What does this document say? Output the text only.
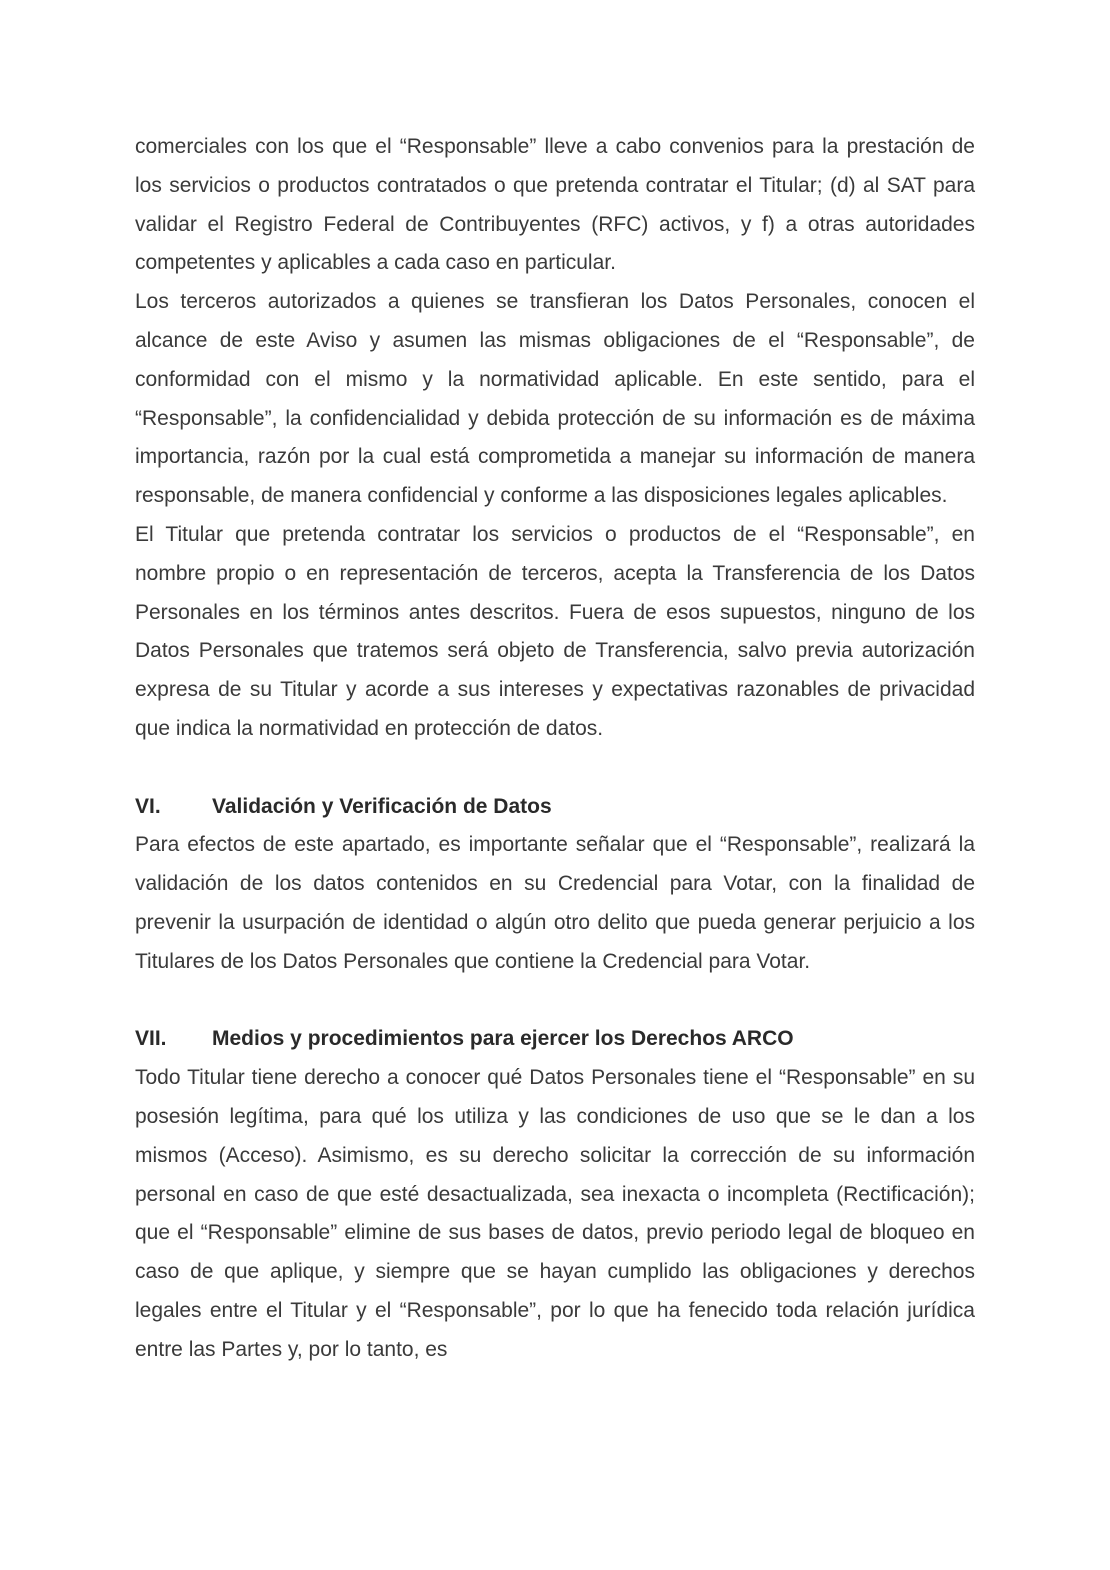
comerciales con los que el “Responsable” lleve a cabo convenios para la prestación de los servicios o productos contratados o que pretenda contratar el Titular; (d) al SAT para validar el Registro Federal de Contribuyentes (RFC) activos, y f) a otras autoridades competentes y aplicables a cada caso en particular.

Los terceros autorizados a quienes se transfieran los Datos Personales, conocen el alcance de este Aviso y asumen las mismas obligaciones de el “Responsable”, de conformidad con el mismo y la normatividad aplicable. En este sentido, para el “Responsable”, la confidencialidad y debida protección de su información es de máxima importancia, razón por la cual está comprometida a manejar su información de manera responsable, de manera confidencial y conforme a las disposiciones legales aplicables.

El Titular que pretenda contratar los servicios o productos de el “Responsable”, en nombre propio o en representación de terceros, acepta la Transferencia de los Datos Personales en los términos antes descritos. Fuera de esos supuestos, ninguno de los Datos Personales que tratemos será objeto de Transferencia, salvo previa autorización expresa de su Titular y acorde a sus intereses y expectativas razonables de privacidad que indica la normatividad en protección de datos.

VI.	Validación y Verificación de Datos

Para efectos de este apartado, es importante señalar que el “Responsable”, realizará la validación de los datos contenidos en su Credencial para Votar, con la finalidad de prevenir la usurpación de identidad o algún otro delito que pueda generar perjuicio a los Titulares de los Datos Personales que contiene la Credencial para Votar.

VII.	Medios y procedimientos para ejercer los Derechos ARCO

Todo Titular tiene derecho a conocer qué Datos Personales tiene el “Responsable” en su posesión legítima, para qué los utiliza y las condiciones de uso que se le dan a los mismos (Acceso). Asimismo, es su derecho solicitar la corrección de su información personal en caso de que esté desactualizada, sea inexacta o incompleta (Rectificación); que el “Responsable” elimine de sus bases de datos, previo periodo legal de bloqueo en caso de que aplique, y siempre que se hayan cumplido las obligaciones y derechos legales entre el Titular y el “Responsable”, por lo que ha fenecido toda relación jurídica entre las Partes y, por lo tanto, es
